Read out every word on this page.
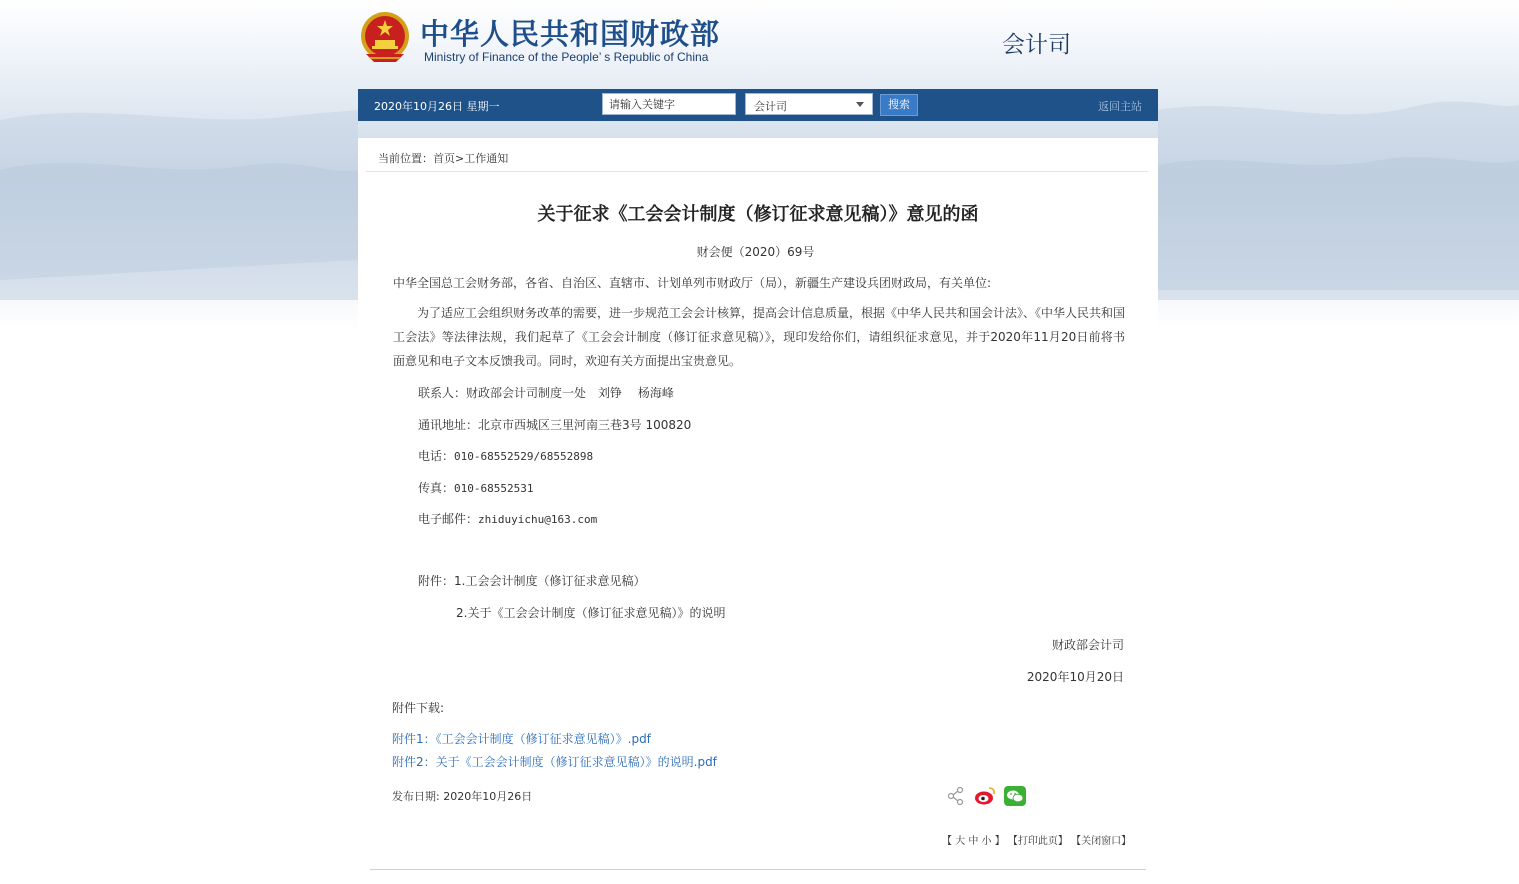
中华人民共和国财政部
Ministry of Finance of the People’ s Republic of China	会计司
2020年10月26日 星期一
请输入关键字	会计司	搜索	返回主站
当前位置：首页>工作通知
关于征求《工会会计制度（修订征求意见稿）》意见的函
财会便（2020）69号
中华全国总工会财务部，各省、自治区、直辖市、计划单列市财政厅（局），新疆生产建设兵团财政局，有关单位:
为了适应工会组织财务改革的需要，进一步规范工会会计核算，提高会计信息质量，根据《中华人民共和国会计法》、《中华人民共和国工会法》等法律法规，我们起草了《工会会计制度（修订征求意见稿）》，现印发给你们，请组织征求意见，并于2020年11月20日前将书面意见和电子文本反馈我司。同时，欢迎有关方面提出宝贵意见。
联系人：财政部会计司制度一处　刘铮　 杨海峰
通讯地址：北京市西城区三里河南三巷3号 100820
电话：010-68552529/68552898
传真：010-68552531
电子邮件：zhiduyichu@163.com
附件：1.工会会计制度（修订征求意见稿）
2.关于《工会会计制度（修订征求意见稿）》的说明
财政部会计司
2020年10月20日
附件下载:
附件1：《工会会计制度（修订征求意见稿）》.pdf
附件2：关于《工会会计制度（修订征求意见稿）》的说明.pdf
发布日期: 2020年10月26日

【 大 中 小 】 【打印此页】 【关闭窗口】
